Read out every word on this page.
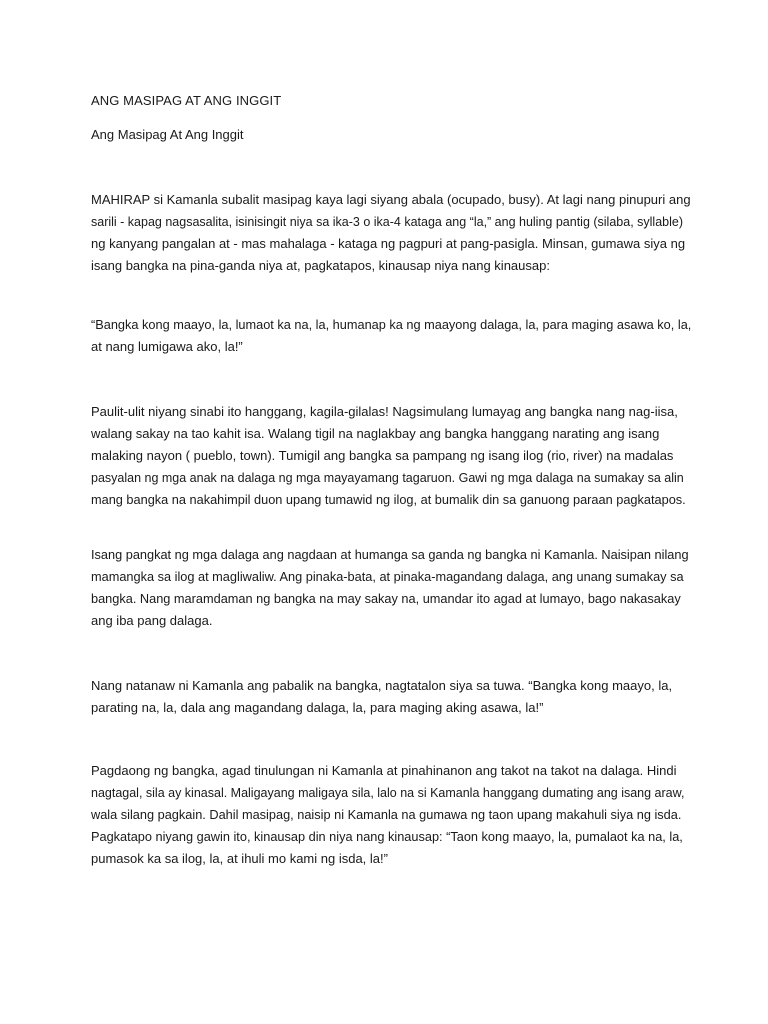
ANG MASIPAG AT ANG INGGIT
Ang Masipag At Ang Inggit
MAHIRAP si Kamanla subalit masipag kaya lagi siyang abala (ocupado, busy). At lagi nang pinupuri ang
sarili - kapag nagsasalita, isinisingit niya sa ika-3 o ika-4 kataga ang “la,” ang huling pantig (silaba, syllable)
ng kanyang pangalan at - mas mahalaga - kataga ng pagpuri at pang-pasigla. Minsan, gumawa siya ng
isang bangka na pina-ganda niya at, pagkatapos, kinausap niya nang kinausap:
“Bangka kong maayo, la, lumaot ka na, la, humanap ka ng maayong dalaga, la, para maging asawa ko, la,
at nang lumigawa ako, la!”
Paulit-ulit niyang sinabi ito hanggang, kagila-gilalas! Nagsimulang lumayag ang bangka nang nag-iisa,
walang sakay na tao kahit isa. Walang tigil na naglakbay ang bangka hanggang narating ang isang
malaking nayon ( pueblo, town). Tumigil ang bangka sa pampang ng isang ilog (rio, river) na madalas
pasyalan ng mga anak na dalaga ng mga mayayamang tagaruon. Gawi ng mga dalaga na sumakay sa alin
mang bangka na nakahimpil duon upang tumawid ng ilog, at bumalik din sa ganuong paraan pagkatapos.
Isang pangkat ng mga dalaga ang nagdaan at humanga sa ganda ng bangka ni Kamanla. Naisipan nilang
mamangka sa ilog at magliwaliw. Ang pinaka-bata, at pinaka-magandang dalaga, ang unang sumakay sa
bangka. Nang maramdaman ng bangka na may sakay na, umandar ito agad at lumayo, bago nakasakay
ang iba pang dalaga.
Nang natanaw ni Kamanla ang pabalik na bangka, nagtatalon siya sa tuwa. “Bangka kong maayo, la,
parating na, la, dala ang magandang dalaga, la, para maging aking asawa, la!”
Pagdaong ng bangka, agad tinulungan ni Kamanla at pinahinanon ang takot na takot na dalaga. Hindi
nagtagal, sila ay kinasal. Maligayang maligaya sila, lalo na si Kamanla hanggang dumating ang isang araw,
wala silang pagkain. Dahil masipag, naisip ni Kamanla na gumawa ng taon upang makahuli siya ng isda.
Pagkatapo niyang gawin ito, kinausap din niya nang kinausap: “Taon kong maayo, la, pumalaot ka na, la,
pumasok ka sa ilog, la, at ihuli mo kami ng isda, la!”
